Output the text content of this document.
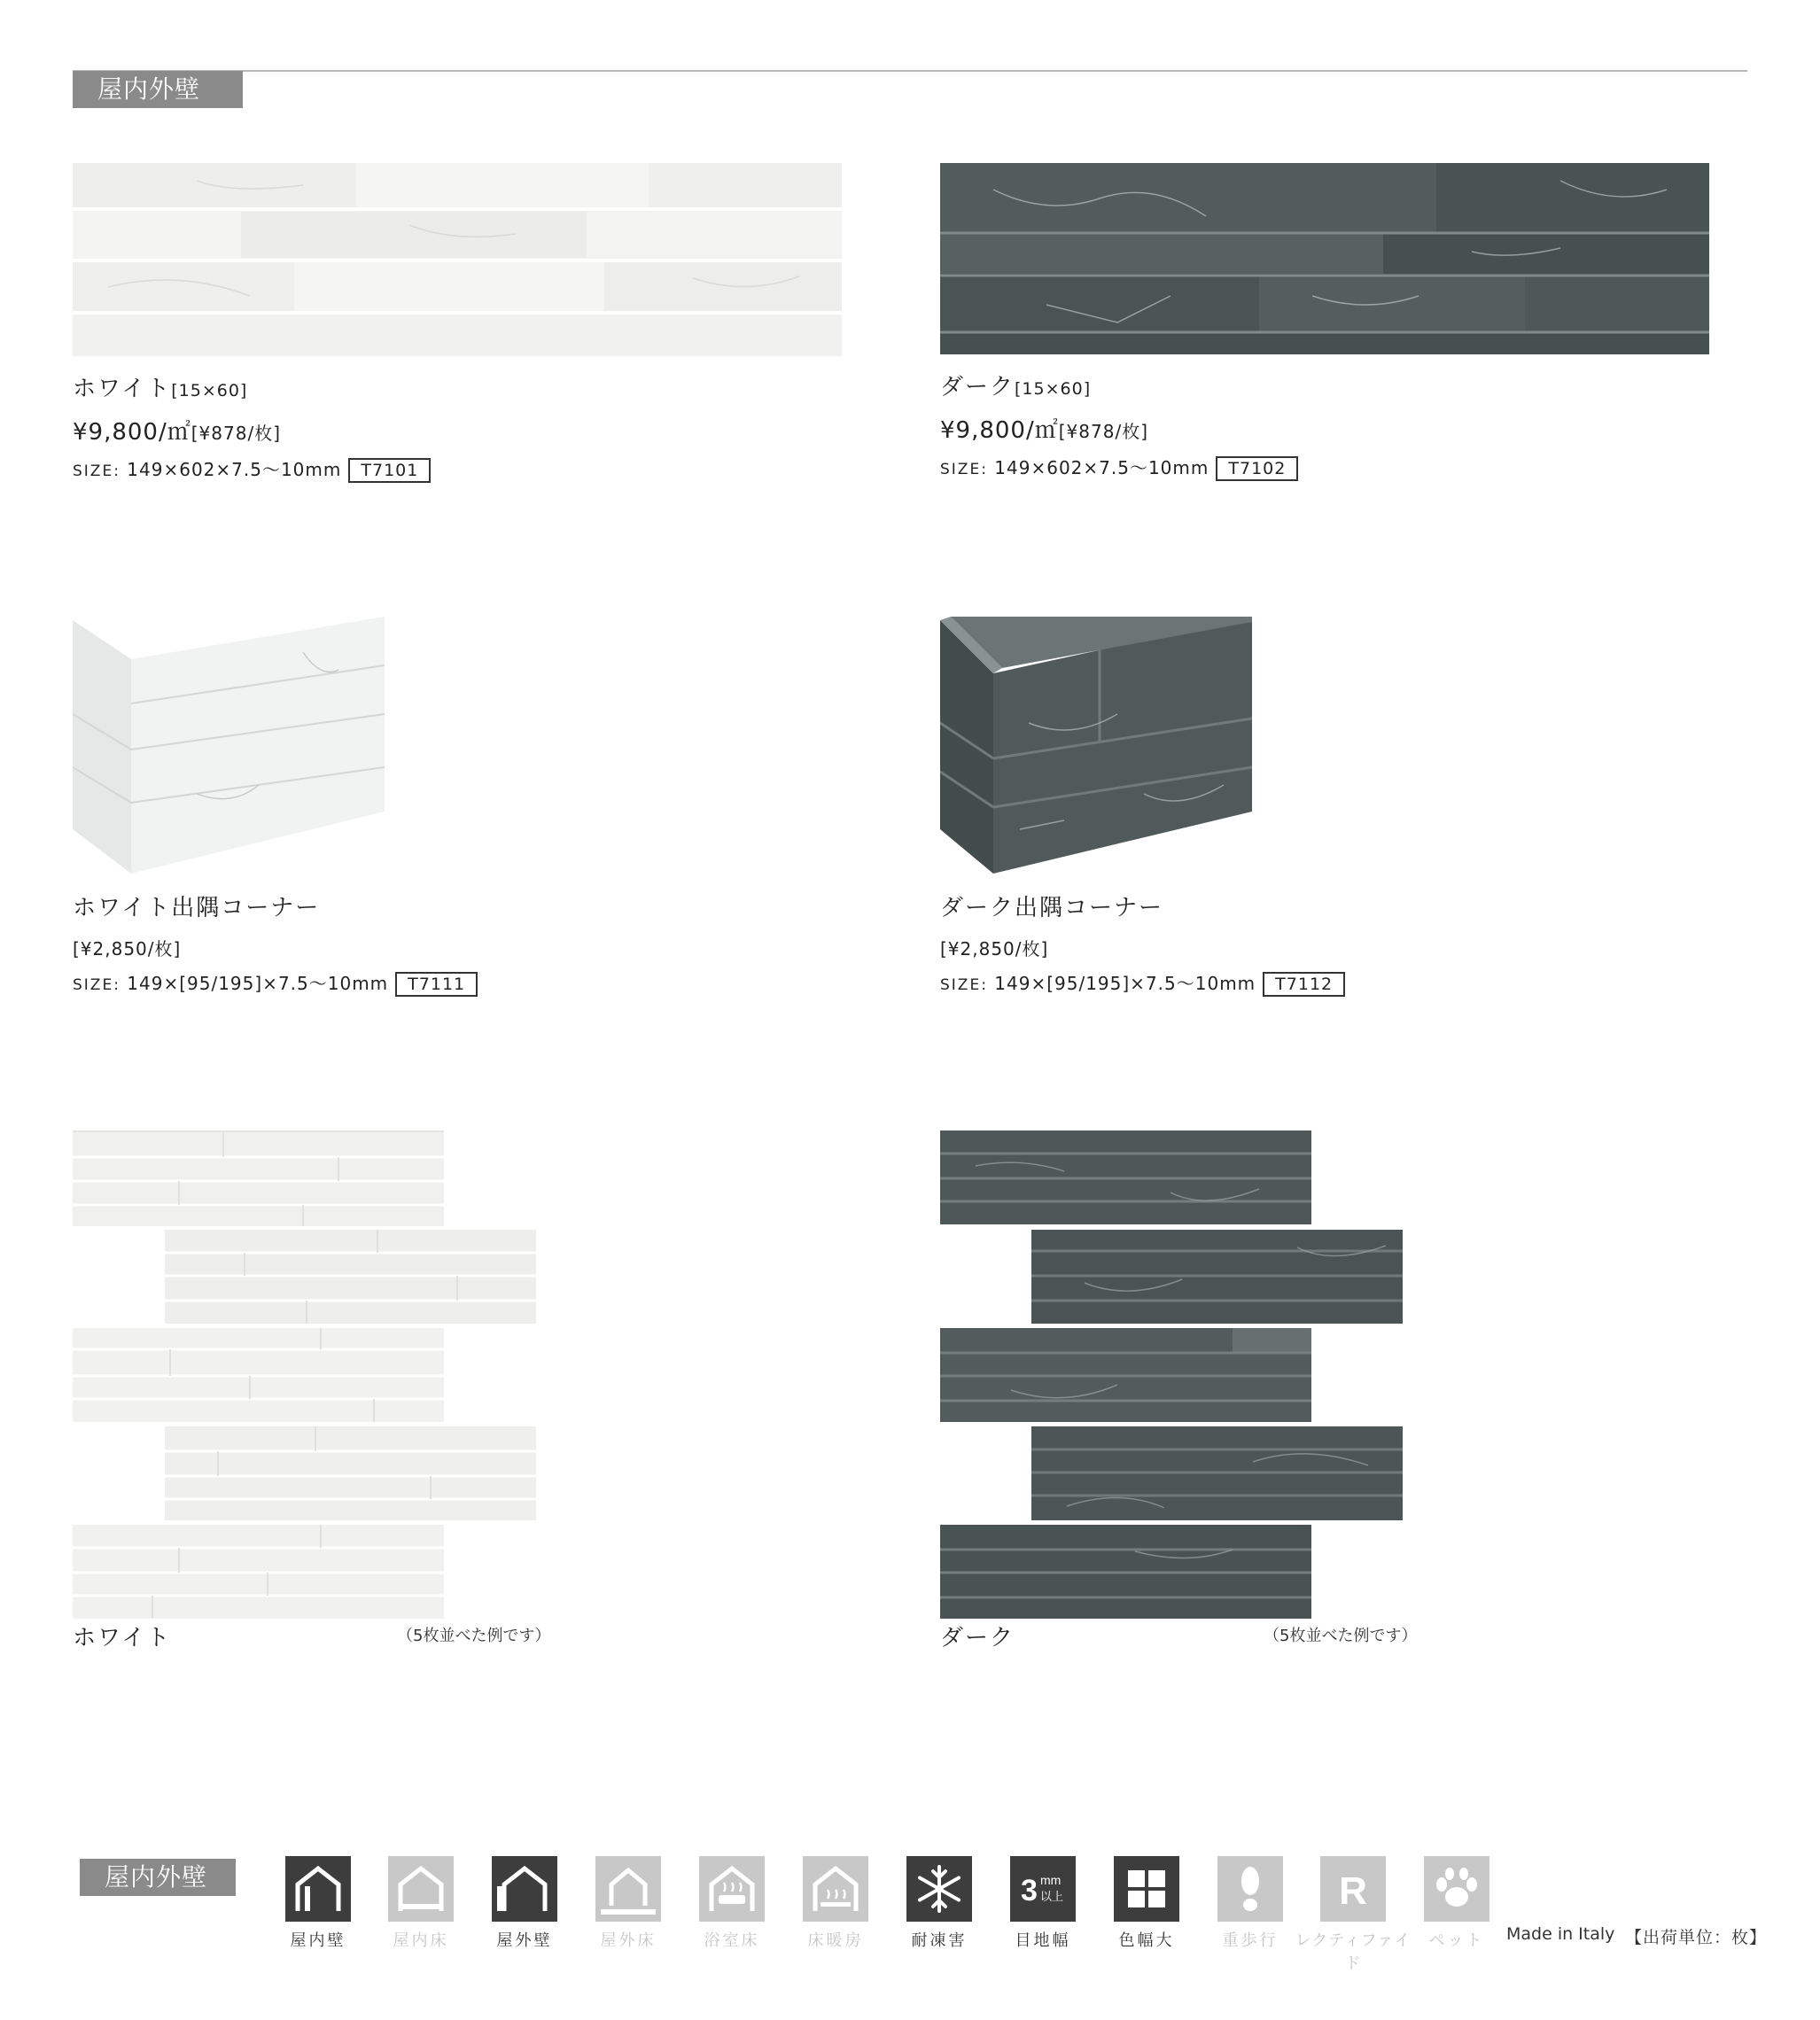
屋内外壁用
ホワイト[15×60]
¥9,800/㎡[¥878/枚]
SIZE: 149×602×7.5〜10mm T7101
ダーク[15×60]
¥9,800/㎡[¥878/枚]
SIZE: 149×602×7.5〜10mm T7102
ホワイト出隅コーナー
[¥2,850/枚]
SIZE: 149×[95/195]×7.5〜10mm T7111
ダーク出隅コーナー
[¥2,850/枚]
SIZE: 149×[95/195]×7.5〜10mm T7112
ホワイト	（5枚並べた例です）	ダーク	（5枚並べた例です）
屋内外壁用
屋内壁	屋内床	屋外壁	屋外床	浴室床	床暖房	耐凍害
3 mm
以上
目地幅	色幅大	重歩行
R
レクティファイド
ペット	Made in Italy 【出荷単位：枚】
